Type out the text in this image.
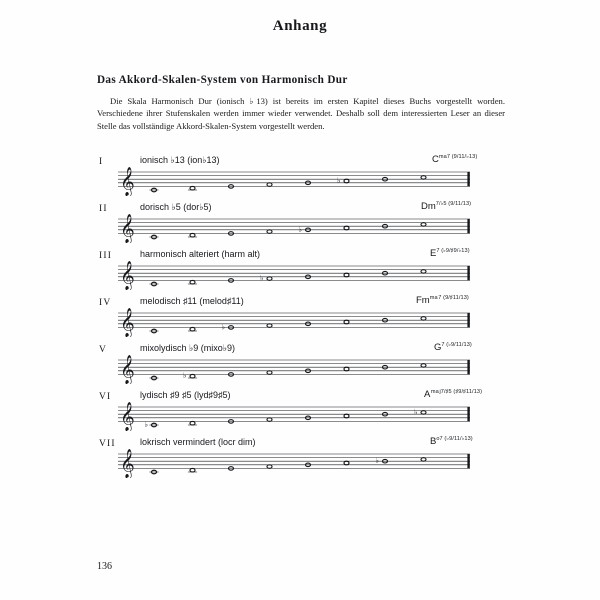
Anhang
Das Akkord-Skalen-System von Harmonisch Dur
Die Skala Harmonisch Dur (ionisch ♭13) ist bereits im ersten Kapitel dieses Buchs vorgestellt worden. Verschiedene ihrer Stufenskalen werden immer wieder verwendet. Deshalb soll dem interessierten Leser an dieser Stelle das vollständige Akkord-Skalen-System vorgestellt werden.
I	ionisch ♭13 (ion♭13)	$C^{ma7 (9/11/♭13)}$
𝄞	♭
II	dorisch ♭5 (dor♭5)	$Dm^{7/♭5 (9/11/13)}$
𝄞	♭
III	harmonisch alteriert (harm alt)	$E^{7 (♭9/♯9/♭13)}$
𝄞	♭
IV	melodisch ♯11 (melod♯11)	$Fm^{ma 7 (9/♯11/13)}$
𝄞	♭
V	mixolydisch ♭9 (mixo♭9)	$G^{7 (♭9/11/13)}$
𝄞	♭
VI	lydisch ♯9 ♯5 (lyd♯9♯5)	A $^{ma j7/♯5 (♯9/♯11/13)}$
𝄞 ♭
♭
VII	lokrisch vermindert (locr dim)	$B^{o7 (♭9/11/♭13)}$
𝄞	♭
136
